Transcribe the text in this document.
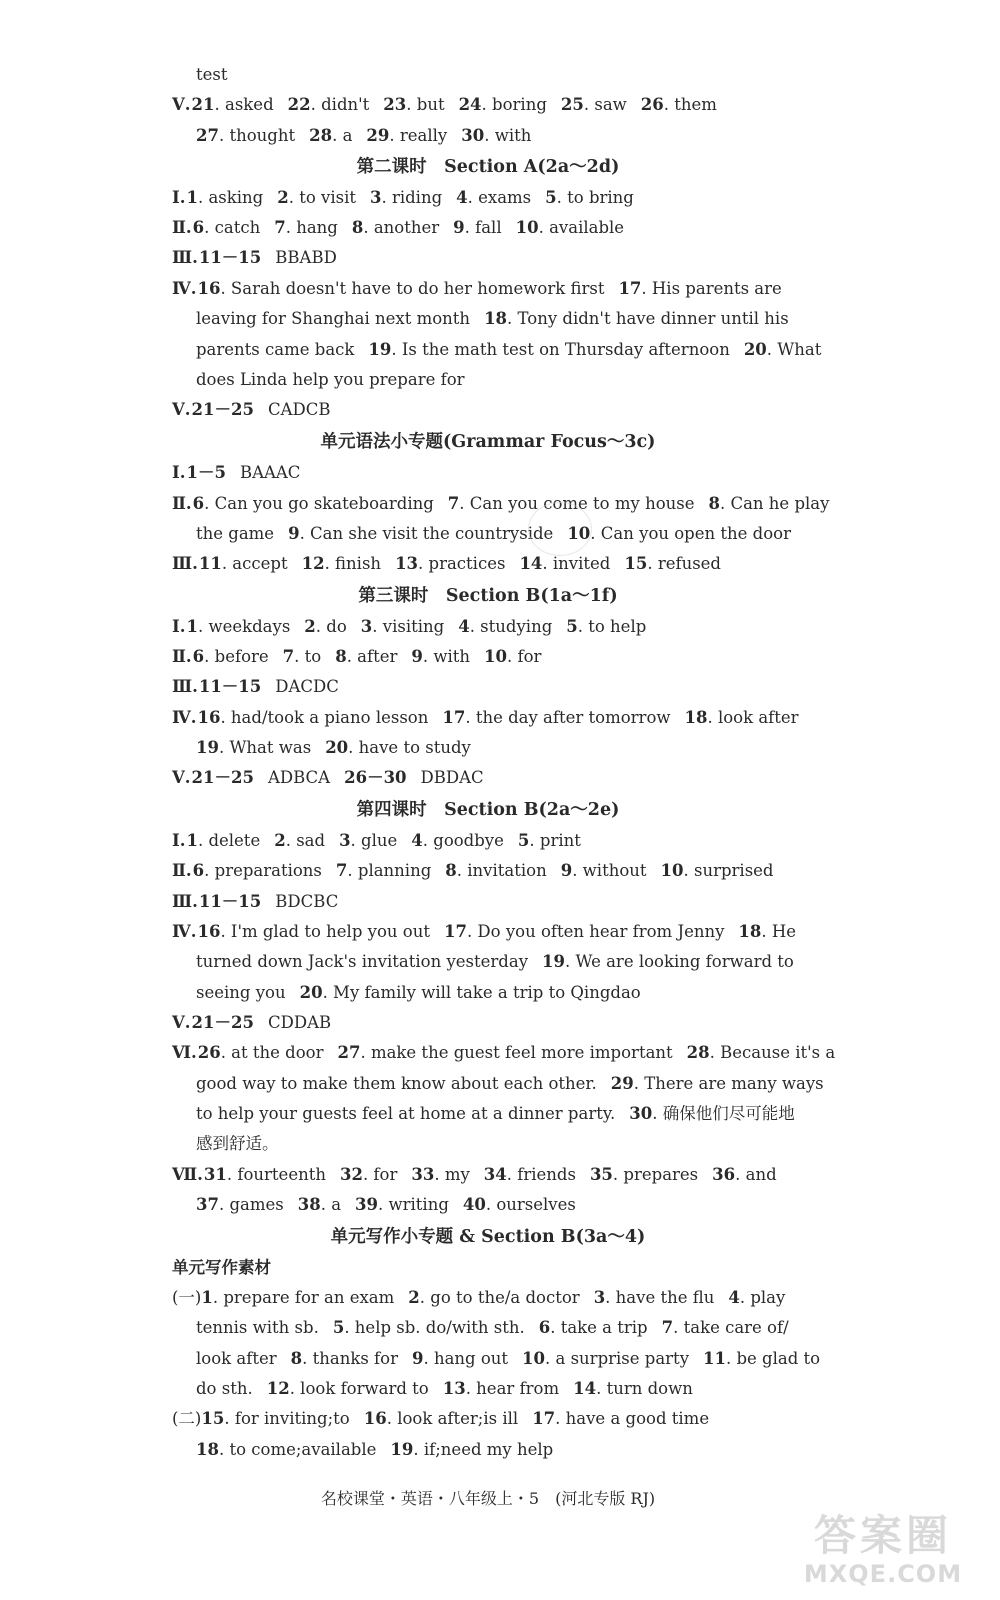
test
Ⅴ.21. asked 22. didn't 23. but 24. boring 25. saw 26. them
27. thought 28. a 29. really 30. with
第二课时　Section A(2a～2d)
Ⅰ.1. asking 2. to visit 3. riding 4. exams 5. to bring
Ⅱ.6. catch 7. hang 8. another 9. fall 10. available
Ⅲ.11－15 BBABD
Ⅳ.16. Sarah doesn't have to do her homework first 17. His parents are
leaving for Shanghai next month 18. Tony didn't have dinner until his
parents came back 19. Is the math test on Thursday afternoon 20. What
does Linda help you prepare for
Ⅴ.21－25 CADCB
单元语法小专题(Grammar Focus～3c)
Ⅰ.1－5 BAAAC
Ⅱ.6. Can you go skateboarding 7. Can you come to my house 8. Can he play
the game 9. Can she visit the countryside 10. Can you open the door
Ⅲ.11. accept 12. finish 13. practices 14. invited 15. refused
第三课时　Section B(1a～1f)
Ⅰ.1. weekdays 2. do 3. visiting 4. studying 5. to help
Ⅱ.6. before 7. to 8. after 9. with 10. for
Ⅲ.11－15 DACDC
Ⅳ.16. had/took a piano lesson 17. the day after tomorrow 18. look after
19. What was 20. have to study
Ⅴ.21－25 ADBCA 26－30 DBDAC
第四课时　Section B(2a～2e)
Ⅰ.1. delete 2. sad 3. glue 4. goodbye 5. print
Ⅱ.6. preparations 7. planning 8. invitation 9. without 10. surprised
Ⅲ.11－15 BDCBC
Ⅳ.16. I'm glad to help you out 17. Do you often hear from Jenny 18. He
turned down Jack's invitation yesterday 19. We are looking forward to
seeing you 20. My family will take a trip to Qingdao
Ⅴ.21－25 CDDAB
Ⅵ.26. at the door 27. make the guest feel more important 28. Because it's a
good way to make them know about each other. 29. There are many ways
to help your guests feel at home at a dinner party. 30. 确保他们尽可能地
感到舒适。
Ⅶ.31. fourteenth 32. for 33. my 34. friends 35. prepares 36. and
37. games 38. a 39. writing 40. ourselves
单元写作小专题 & Section B(3a～4)
单元写作素材
(一)1. prepare for an exam 2. go to the/a doctor 3. have the flu 4. play
tennis with sb. 5. help sb. do/with sth. 6. take a trip 7. take care of/
look after 8. thanks for 9. hang out 10. a surprise party 11. be glad to
do sth. 12. look forward to 13. hear from 14. turn down
(二)15. for inviting;to 16. look after;is ill 17. have a good time
18. to come;available 19. if;need my help
名校课堂・英语・八年级上・5　(河北专版 RJ)
答案圈
MXQE.COM
